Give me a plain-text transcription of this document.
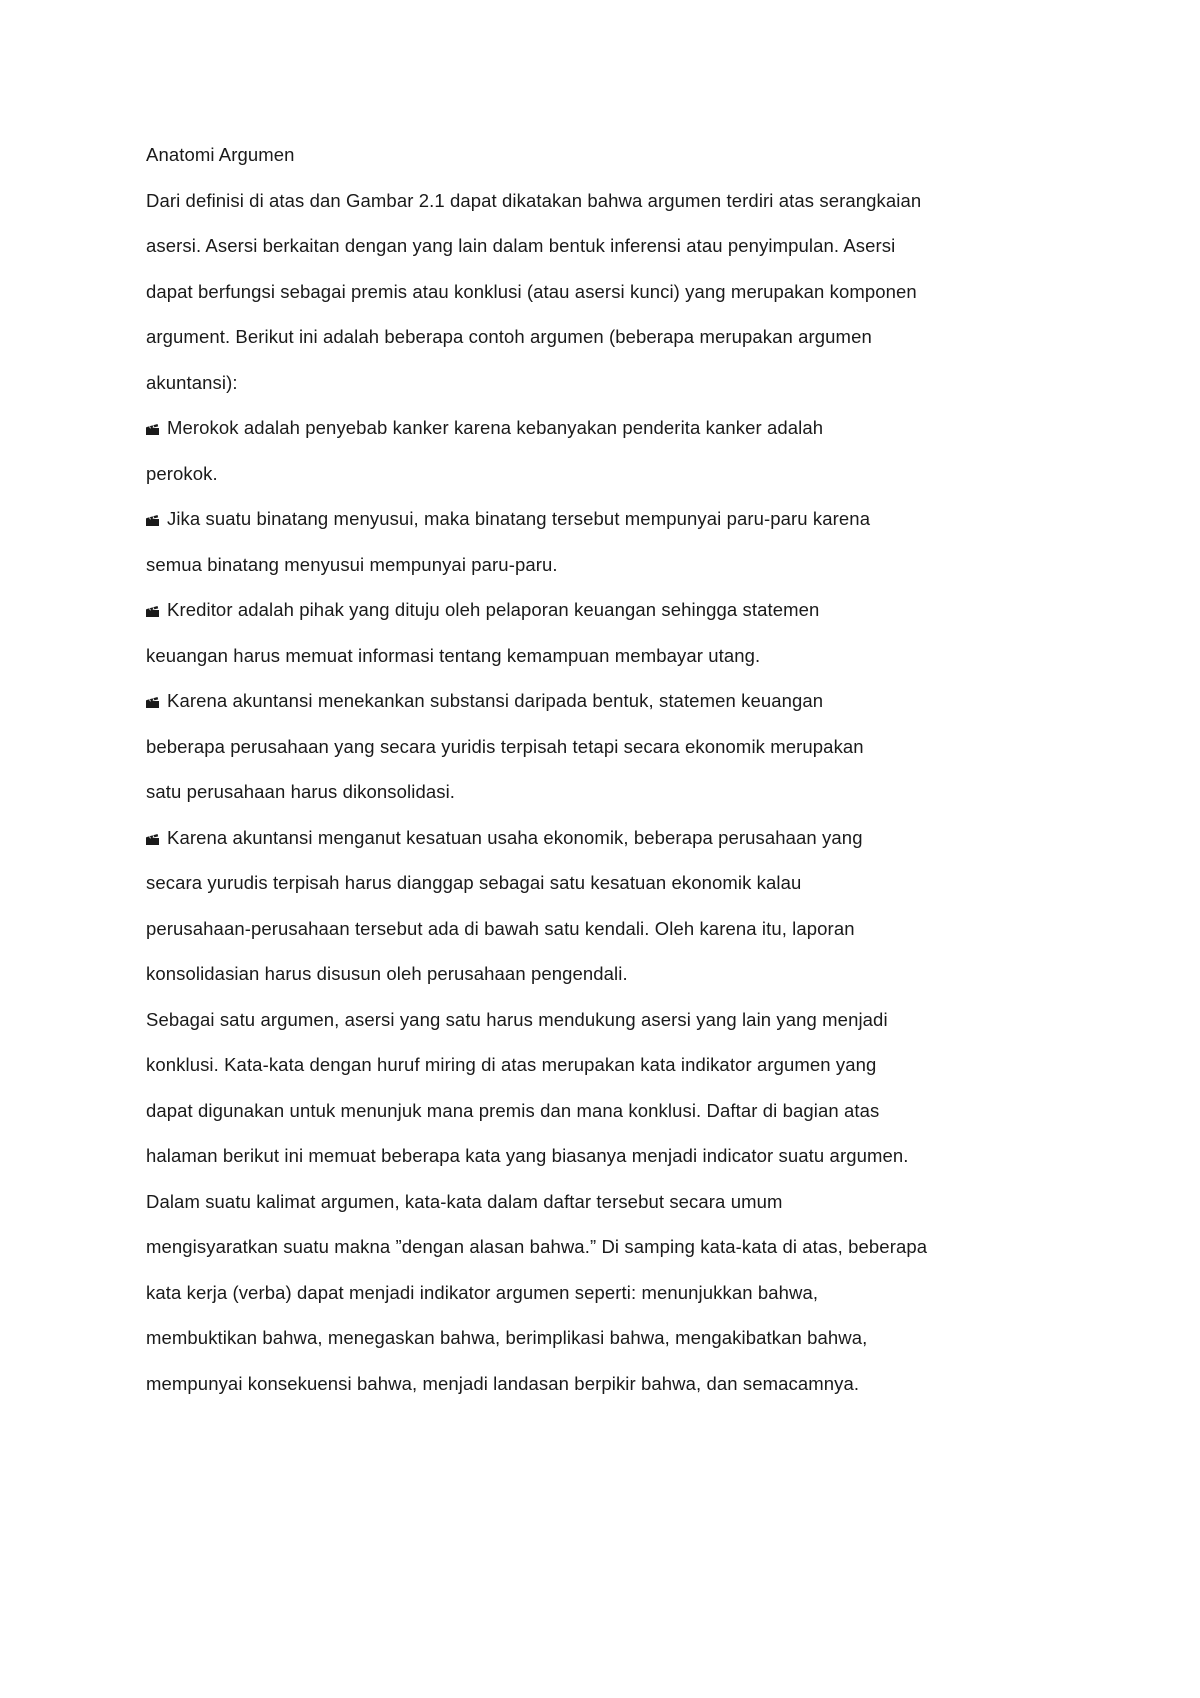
Anatomi Argumen
Dari definisi di atas dan Gambar 2.1 dapat dikatakan bahwa argumen terdiri atas serangkaian
asersi. Asersi berkaitan dengan yang lain dalam bentuk inferensi atau penyimpulan. Asersi
dapat berfungsi sebagai premis atau konklusi (atau asersi kunci) yang merupakan komponen
argument. Berikut ini adalah beberapa contoh argumen (beberapa merupakan argumen
akuntansi):
Merokok adalah penyebab kanker karena kebanyakan penderita kanker adalah
perokok.
Jika suatu binatang menyusui, maka binatang tersebut mempunyai paru-paru karena
semua binatang menyusui mempunyai paru-paru.
Kreditor adalah pihak yang dituju oleh pelaporan keuangan sehingga statemen
keuangan harus memuat informasi tentang kemampuan membayar utang.
Karena akuntansi menekankan substansi daripada bentuk, statemen keuangan
beberapa perusahaan yang secara yuridis terpisah tetapi secara ekonomik merupakan
satu perusahaan harus dikonsolidasi.
Karena akuntansi menganut kesatuan usaha ekonomik, beberapa perusahaan yang
secara yurudis terpisah harus dianggap sebagai satu kesatuan ekonomik kalau
perusahaan-perusahaan tersebut ada di bawah satu kendali. Oleh karena itu, laporan
konsolidasian harus disusun oleh perusahaan pengendali.
Sebagai satu argumen, asersi yang satu harus mendukung asersi yang lain yang menjadi
konklusi. Kata-kata dengan huruf miring di atas merupakan kata indikator argumen yang
dapat digunakan untuk menunjuk mana premis dan mana konklusi. Daftar di bagian atas
halaman berikut ini memuat beberapa kata yang biasanya menjadi indicator suatu argumen.
Dalam suatu kalimat argumen, kata-kata dalam daftar tersebut secara umum
mengisyaratkan suatu makna ”dengan alasan bahwa.” Di samping kata-kata di atas, beberapa
kata kerja (verba) dapat menjadi indikator argumen seperti: menunjukkan bahwa,
membuktikan bahwa, menegaskan bahwa, berimplikasi bahwa, mengakibatkan bahwa,
mempunyai konsekuensi bahwa, menjadi landasan berpikir bahwa, dan semacamnya.
